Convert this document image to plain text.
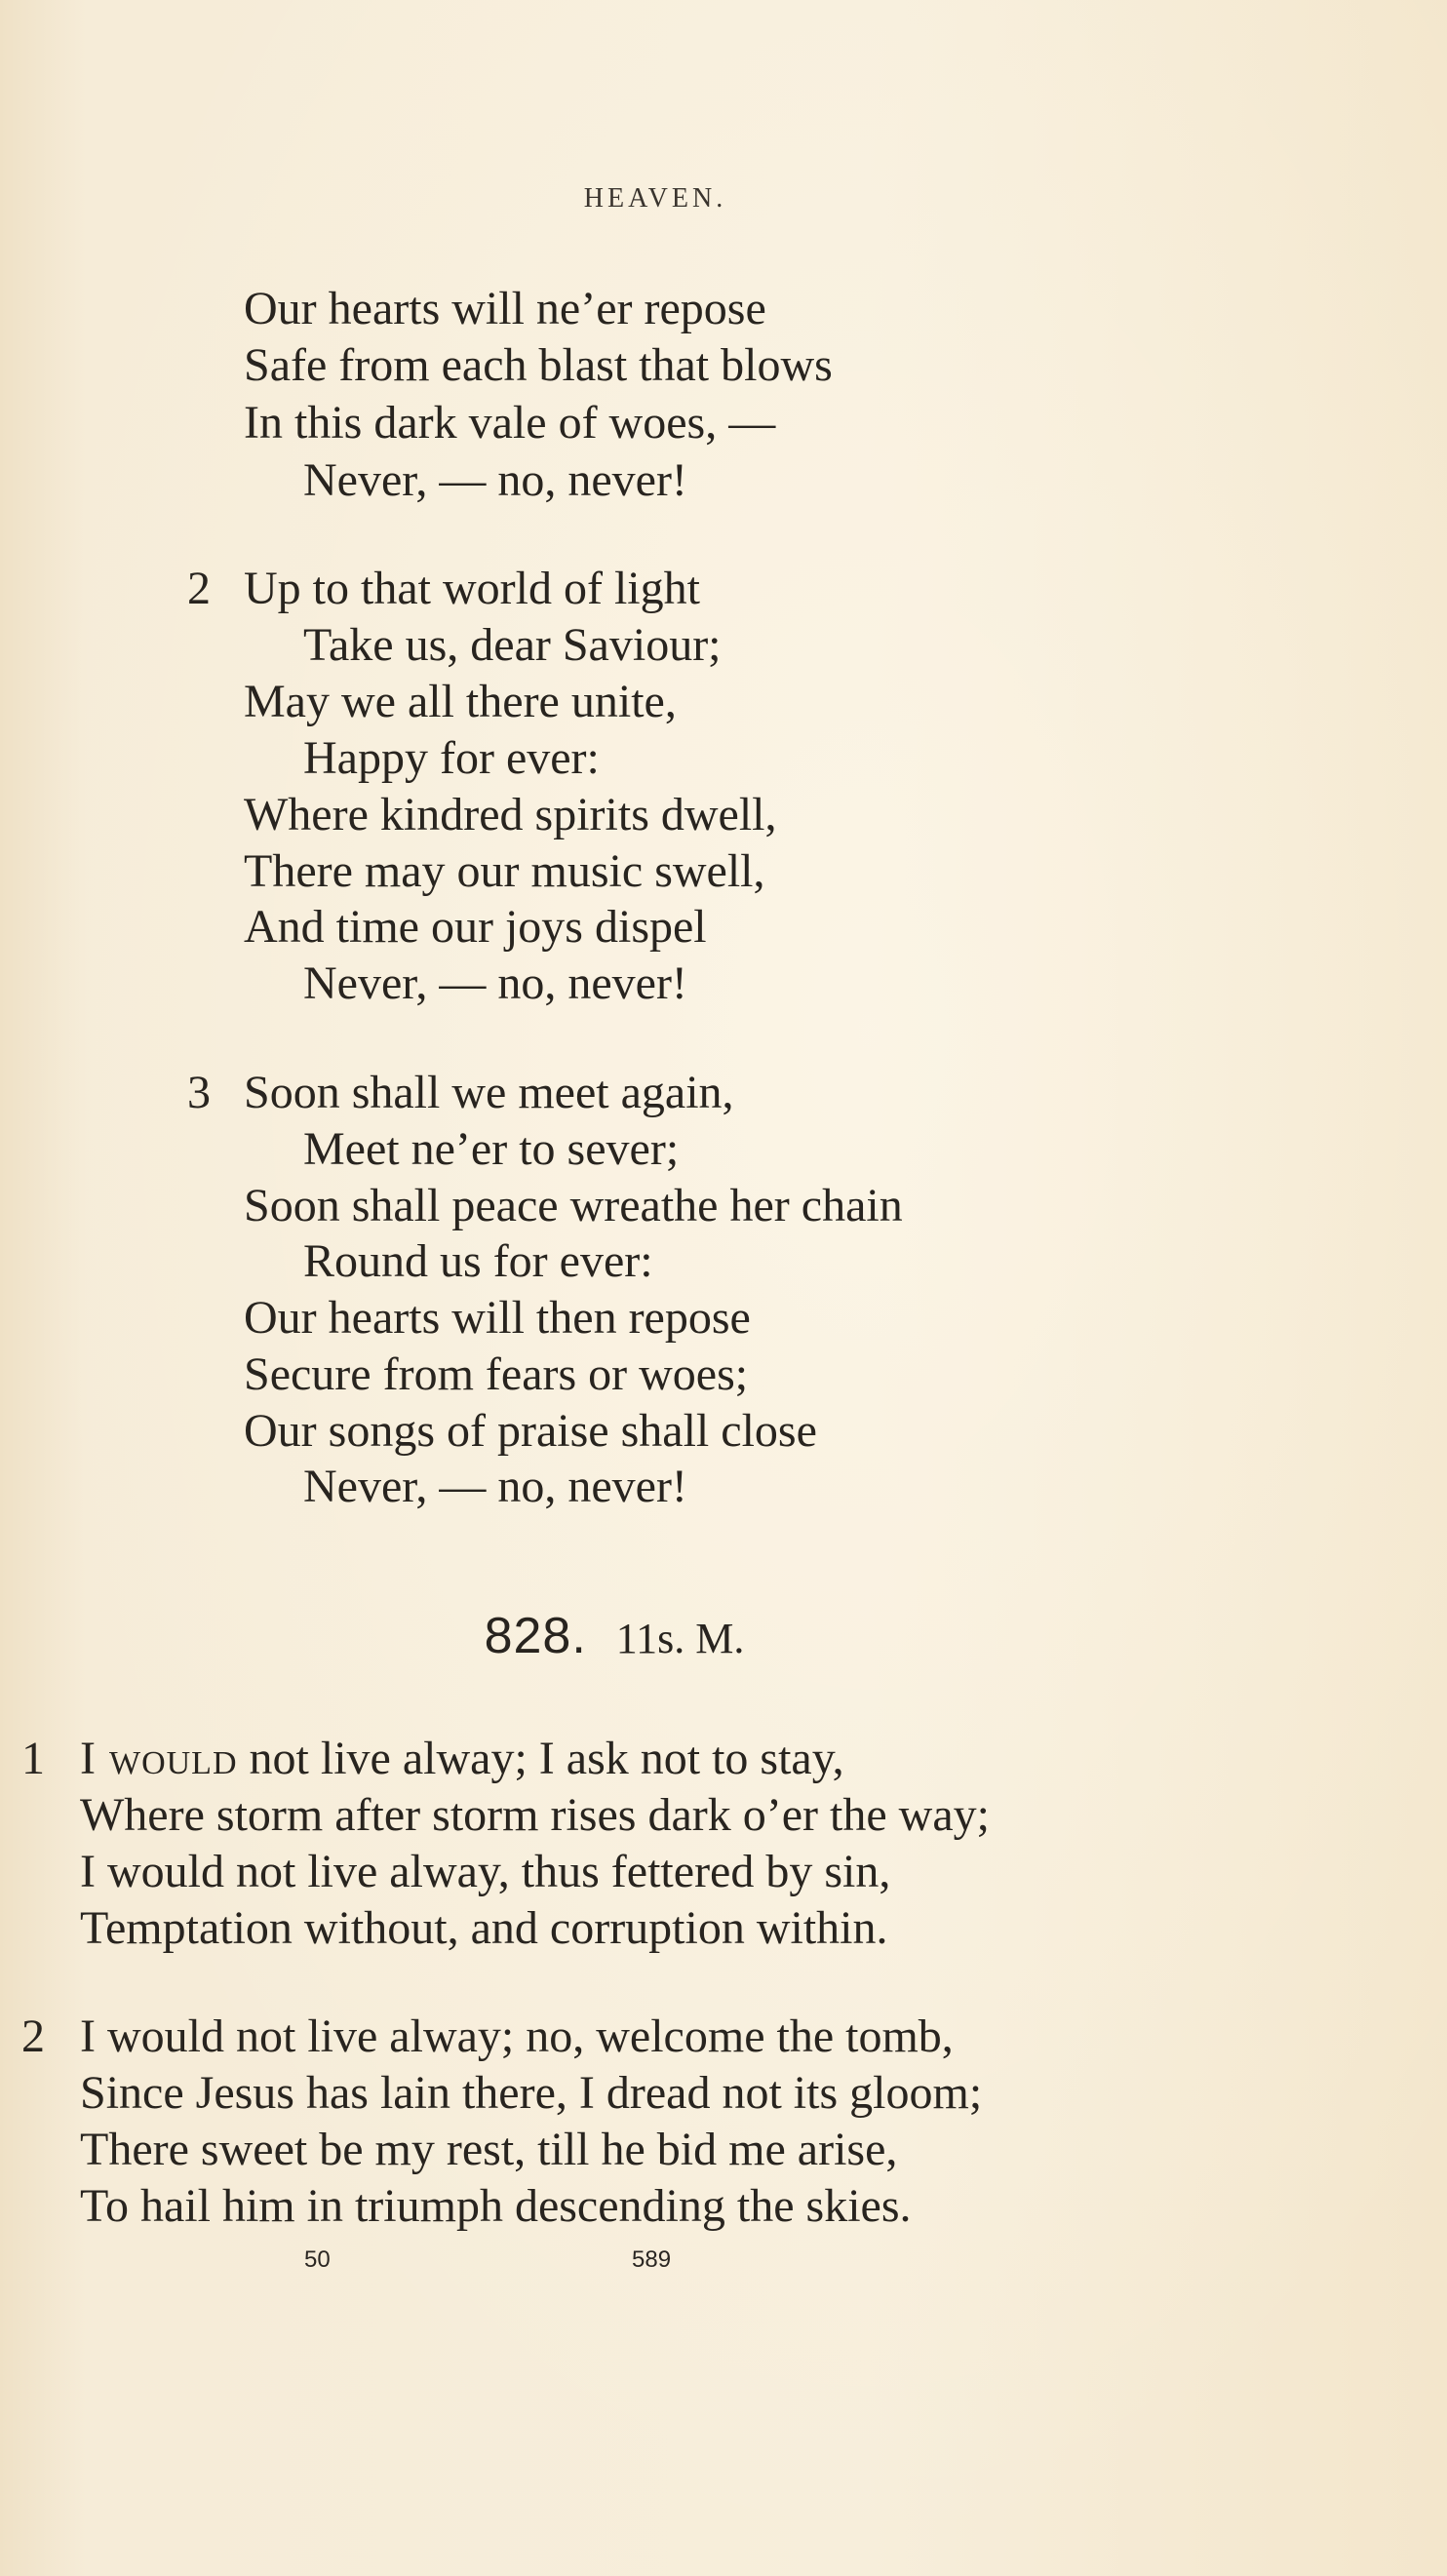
HEAVEN.
Our hearts will ne’er repose
Safe from each blast that blows
In this dark vale of woes, —
Never, — no, never!
2 Up to that world of light
Take us, dear Saviour;
May we all there unite,
Happy for ever:
Where kindred spirits dwell,
There may our music swell,
And time our joys dispel
Never, — no, never!
3 Soon shall we meet again,
Meet ne’er to sever;
Soon shall peace wreathe her chain
Round us for ever:
Our hearts will then repose
Secure from fears or woes;
Our songs of praise shall close
Never, — no, never!
828. 11s. M.
1 I would not live alway; I ask not to stay,
Where storm after storm rises dark o’er the way;
I would not live alway, thus fettered by sin,
Temptation without, and corruption within.
2 I would not live alway; no, welcome the tomb,
Since Jesus has lain there, I dread not its gloom;
There sweet be my rest, till he bid me arise,
To hail him in triumph descending the skies.
50	589
